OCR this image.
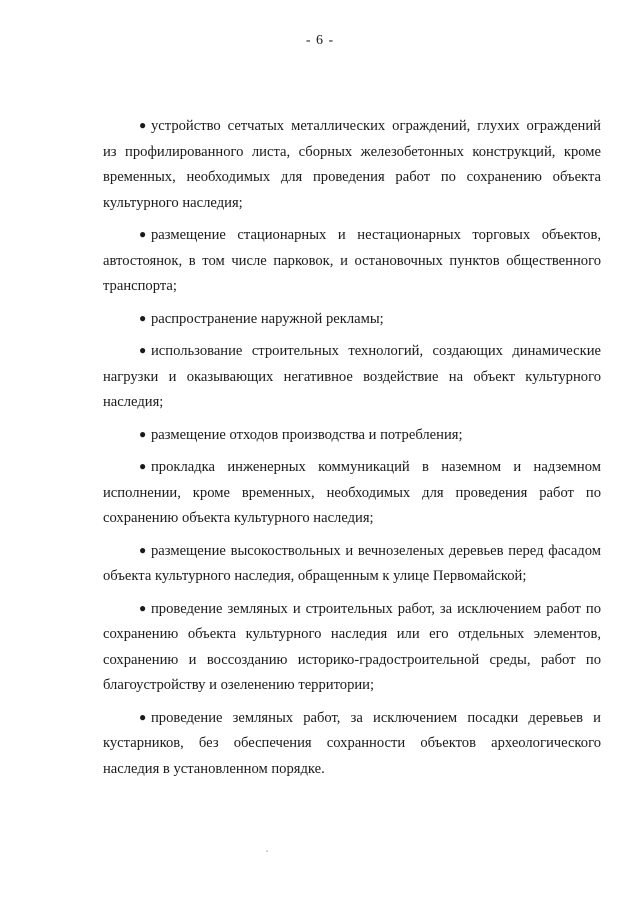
- 6 -

● устройство сетчатых металлических ограждений, глухих ограждений из профилированного листа, сборных железобетонных конструкций, кроме временных, необходимых для проведения работ по сохранению объекта культурного наследия;

● размещение стационарных и нестационарных торговых объектов, автостоянок, в том числе парковок, и остановочных пунктов общественного транспорта;

● распространение наружной рекламы;

● использование строительных технологий, создающих динамические нагрузки и оказывающих негативное воздействие на объект культурного наследия;

● размещение отходов производства и потребления;

● прокладка инженерных коммуникаций в наземном и надземном исполнении, кроме временных, необходимых для проведения работ по сохранению объекта культурного наследия;

● размещение высокоствольных и вечнозеленых деревьев перед фасадом объекта культурного наследия, обращенным к улице Первомайской;

● проведение земляных и строительных работ, за исключением работ по сохранению объекта культурного наследия или его отдельных элементов, сохранению и воссозданию историко-градостроительной среды, работ по благоустройству и озеленению территории;

● проведение земляных работ, за исключением посадки деревьев и кустарников, без обеспечения сохранности объектов археологического наследия в установленном порядке.
